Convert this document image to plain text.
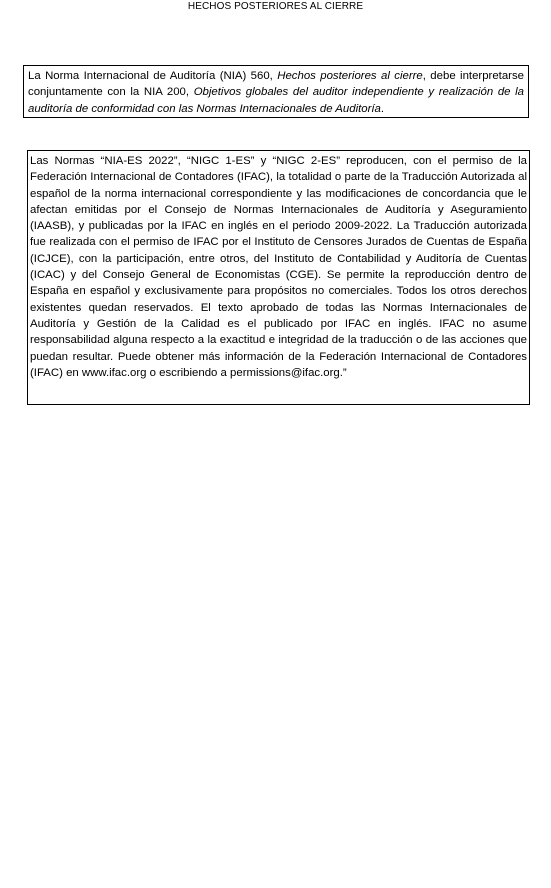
HECHOS POSTERIORES AL CIERRE
La Norma Internacional de Auditoría (NIA) 560, Hechos posteriores al cierre, debe interpretarse conjuntamente con la NIA 200, Objetivos globales del auditor independiente y realización de la auditoría de conformidad con las Normas Internacionales de Auditoría.
Las Normas “NIA-ES 2022”, “NIGC 1-ES” y “NIGC 2-ES” reproducen, con el permiso de la Federación Internacional de Contadores (IFAC), la totalidad o parte de la Traducción Autorizada al español de la norma internacional correspondiente y las modificaciones de concordancia que le afectan emitidas por el Consejo de Normas Internacionales de Auditoría y Aseguramiento (IAASB), y publicadas por la IFAC en inglés en el periodo 2009-2022. La Traducción autorizada fue realizada con el permiso de IFAC por el Instituto de Censores Jurados de Cuentas de España (ICJCE), con la participación, entre otros, del Instituto de Contabilidad y Auditoría de Cuentas (ICAC) y del Consejo General de Economistas (CGE). Se permite la reproducción dentro de España en español y exclusivamente para propósitos no comerciales. Todos los otros derechos existentes quedan reservados. El texto aprobado de todas las Normas Internacionales de Auditoría y Gestión de la Calidad es el publicado por IFAC en inglés. IFAC no asume responsabilidad alguna respecto a la exactitud e integridad de la traducción o de las acciones que puedan resultar. Puede obtener más información de la Federación Internacional de Contadores (IFAC) en www.ifac.org o escribiendo a permissions@ifac.org.”
